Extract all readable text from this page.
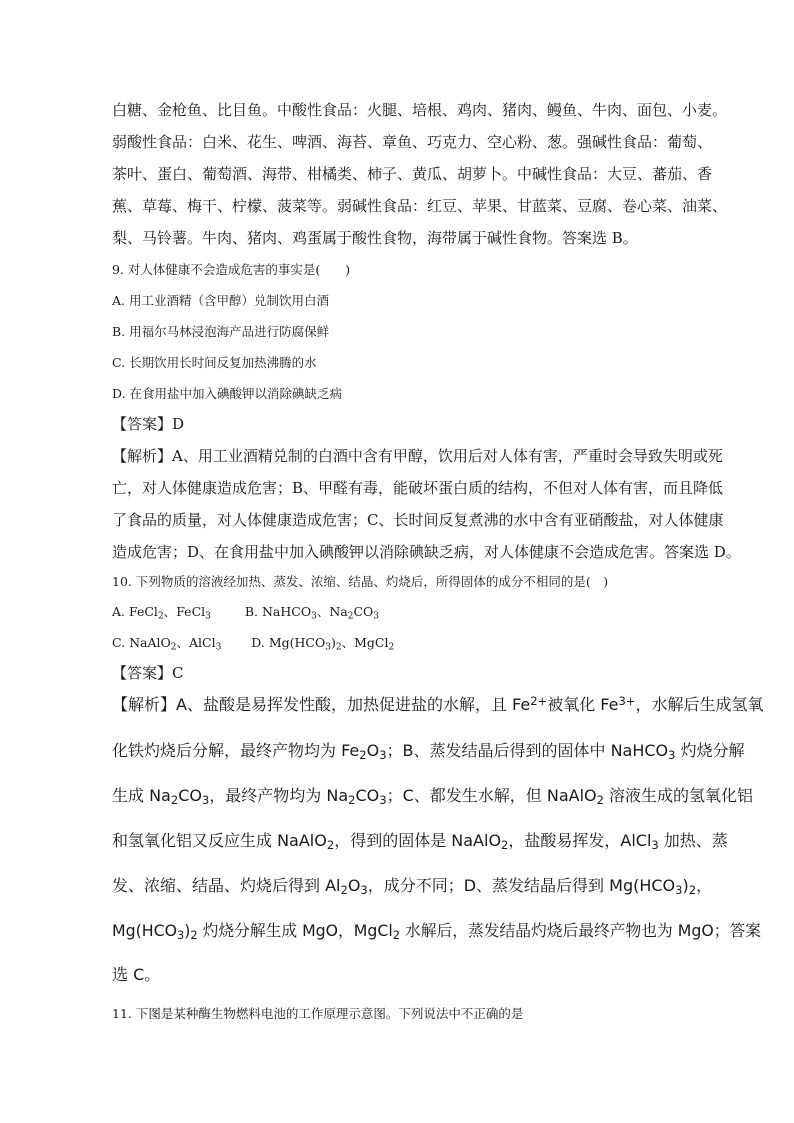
白糖、金枪鱼、比目鱼。中酸性食品：火腿、培根、鸡肉、猪肉、鳗鱼、牛肉、面包、小麦。
弱酸性食品：白米、花生、啤酒、海苔、章鱼、巧克力、空心粉、葱。强碱性食品：葡萄、
茶叶、蛋白、葡萄酒、海带、柑橘类、柿子、黄瓜、胡萝卜。中碱性食品：大豆、蕃茄、香
蕉、草莓、梅干、柠檬、菠菜等。弱碱性食品：红豆、苹果、甘蓝菜、豆腐、卷心菜、油菜、
梨、马铃薯。牛肉、猪肉、鸡蛋属于酸性食物，海带属于碱性食物。答案选 B。
9. 对人体健康不会造成危害的事实是(　　)
A. 用工业酒精（含甲醇）兑制饮用白酒
B. 用福尔马林浸泡海产品进行防腐保鲜
C. 长期饮用长时间反复加热沸腾的水
D. 在食用盐中加入碘酸钾以消除碘缺乏病
【答案】D
【解析】A、用工业酒精兑制的白酒中含有甲醇，饮用后对人体有害，严重时会导致失明或死
亡，对人体健康造成危害；B、甲醛有毒，能破坏蛋白质的结构，不但对人体有害，而且降低
了食品的质量，对人体健康造成危害；C、长时间反复煮沸的水中含有亚硝酸盐，对人体健康
造成危害；D、在食用盐中加入碘酸钾以消除碘缺乏病，对人体健康不会造成危害。答案选 D。
10. 下列物质的溶液经加热、蒸发、浓缩、结晶、灼烧后，所得固体的成分不相同的是(　)
A. FeCl$_2$、FeCl$_3$	B. NaHCO$_3$、$Na_2CO_3$
C. NaAlO$_2$、AlCl$_3$ D. $Mg(HCO_3)_2$、MgCl$_2$
【答案】C
【解析】A、盐酸是易挥发性酸，加热促进盐的水解，且 $Fe^{2+}$被氧化 $Fe^{3+}$，水解后生成氢氧
化铁灼烧后分解，最终产物均为 $Fe_2O_3$；B、蒸发结晶后得到的固体中 NaHCO$_3$ 灼烧分解
生成 $Na_2CO_3$，最终产物均为 $Na_2CO_3$；C、都发生水解，但 NaAlO$_2$ 溶液生成的氢氧化铝
和氢氧化铝又反应生成 NaAlO$_2$，得到的固体是 NaAlO$_2$，盐酸易挥发，AlCl$_3$ 加热、蒸
发、浓缩、结晶、灼烧后得到 $Al_2O_3$，成分不同；D、蒸发结晶后得到 $Mg(HCO_3)_2$，
$Mg(HCO_3)_2$ 灼烧分解生成 MgO，MgCl$_2$ 水解后，蒸发结晶灼烧后最终产物也为 MgO；答案
选 C。
11. 下图是某种酶生物燃料电池的工作原理示意图。下列说法中不正确的是
